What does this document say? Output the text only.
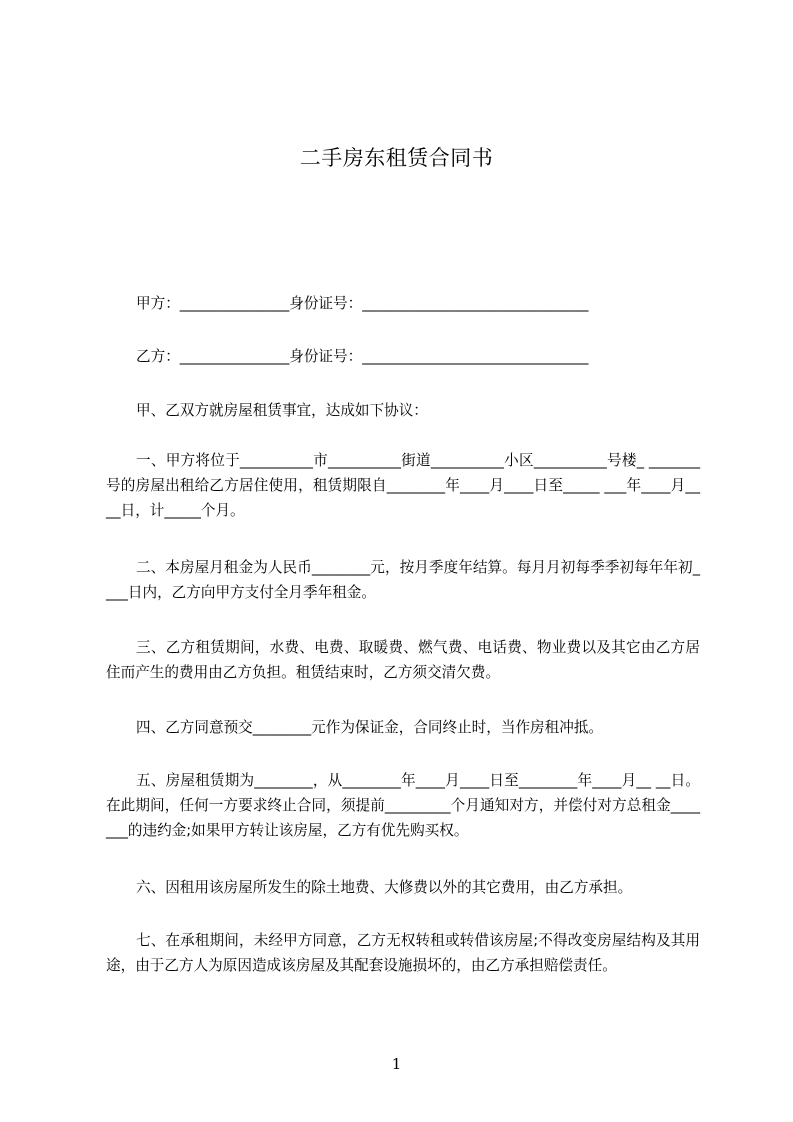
二手房东租赁合同书
甲方：_______________身份证号：_______________________________
乙方：_______________身份证号：_______________________________
甲、乙双方就房屋租赁事宜，达成如下协议：
一、甲方将位于__________市__________街道__________小区__________号楼_ _______号的房屋出租给乙方居住使用，租赁期限自________年____月____日至_____ ___年____月____日，计_____个月。
二、本房屋月租金为人民币________元，按月季度年结算。每月月初每季季初每年年初____日内，乙方向甲方支付全月季年租金。
三、乙方租赁期间，水费、电费、取暖费、燃气费、电话费、物业费以及其它由乙方居住而产生的费用由乙方负担。租赁结束时，乙方须交清欠费。
四、乙方同意预交________元作为保证金，合同终止时，当作房租冲抵。
五、房屋租赁期为________，从________年____月____日至________年____月__ __日。在此期间，任何一方要求终止合同，须提前_________个月通知对方，并偿付对方总租金_______的违约金;如果甲方转让该房屋，乙方有优先购买权。
六、因租用该房屋所发生的除土地费、大修费以外的其它费用，由乙方承担。
七、在承租期间，未经甲方同意，乙方无权转租或转借该房屋;不得改变房屋结构及其用途，由于乙方人为原因造成该房屋及其配套设施损坏的，由乙方承担赔偿责任。
1
